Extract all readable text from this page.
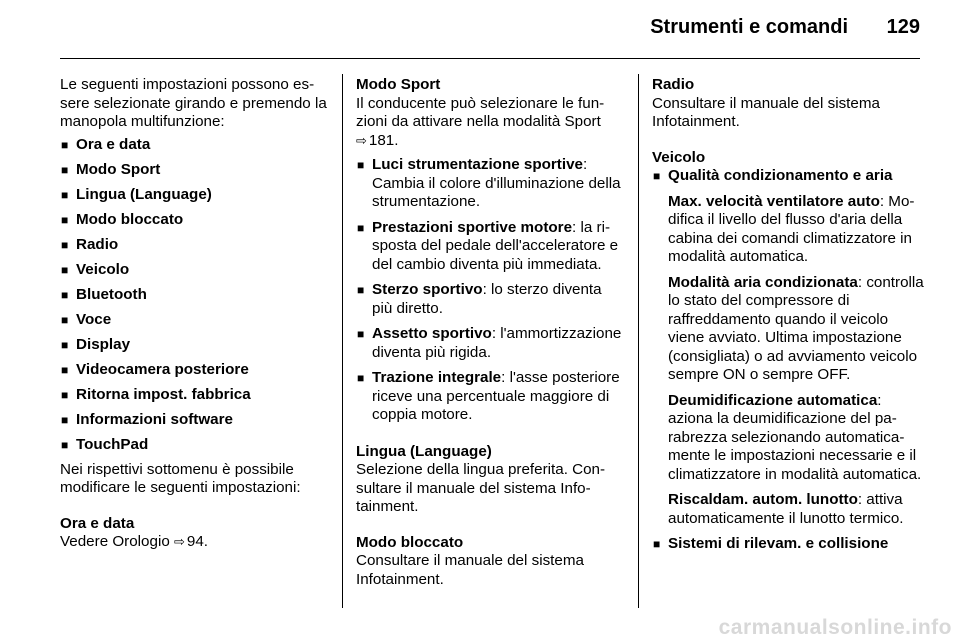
Strumenti e comandi 129

Le seguenti impostazioni possono essere selezionate girando e premendo la manopola multifunzione:

■ Ora e data
■ Modo Sport
■ Lingua (Language)
■ Modo bloccato
■ Radio
■ Veicolo
■ Bluetooth
■ Voce
■ Display
■ Videocamera posteriore
■ Ritorna impost. fabbrica
■ Informazioni software
■ TouchPad

Nei rispettivi sottomenu è possibile modificare le seguenti impostazioni:

Ora e data
Vedere Orologio ⇨ 94.
Modo Sport
Il conducente può selezionare le funzioni da attivare nella modalità Sport ⇨ 181.
■ Luci strumentazione sportive: Cambia il colore d'illuminazione della strumentazione.
■ Prestazioni sportive motore: la risposta del pedale dell'acceleratore e del cambio diventa più immediata.
■ Sterzo sportivo: lo sterzo diventa più diretto.
■ Assetto sportivo: l'ammortizzazione diventa più rigida.
■ Trazione integrale: l'asse posteriore riceve una percentuale maggiore di coppia motore.
Lingua (Language)

Selezione della lingua preferita. Consultare il manuale del sistema Infotainment.

Modo bloccato

Consultare il manuale del sistema Infotainment.

Radio

Consultare il manuale del sistema Infotainment.

Veicolo
■ Qualità condizionamento e aria
Max. velocità ventilatore auto: Modifica il livello del flusso d'aria della cabina dei comandi climatizzatore in modalità automatica.
Modalità aria condizionata: controlla lo stato del compressore di raffreddamento quando il veicolo viene avviato. Ultima impostazione (consigliata) o ad avviamento veicolo sempre ON o sempre OFF.
Deumidificazione automatica: aziona la deumidificazione del parabrezza selezionando automaticamente le impostazioni necessarie e il climatizzatore in modalità automatica.
Riscaldam. autom. lunotto: attiva automaticamente il lunotto termico.
■ Sistemi di rilevam. e collisione
carmanualsonline.info
